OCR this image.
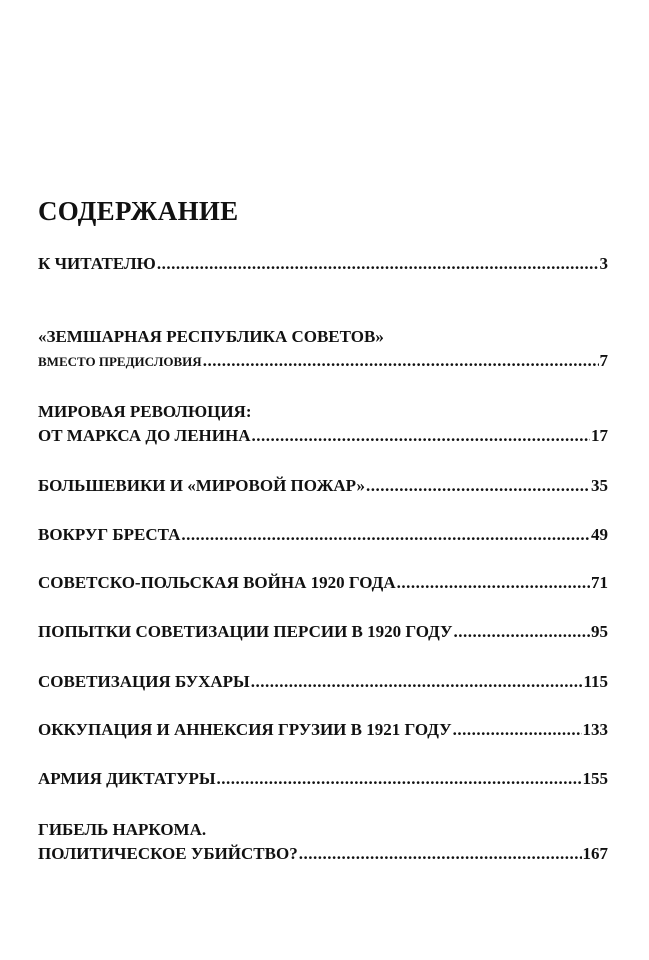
СОДЕРЖАНИЕ
К ЧИТАТЕЛЮ .....	3
«ЗЕМШАРНАЯ РЕСПУБЛИКА СОВЕТОВ»
ВМЕСТО ПРЕДИСЛОВИЯ .....	7
МИРОВАЯ РЕВОЛЮЦИЯ:
ОТ МАРКСА ДО ЛЕНИНА .....	17
БОЛЬШЕВИКИ И «МИРОВОЙ ПОЖАР» .....	35
ВОКРУГ БРЕСТА .....	49
СОВЕТСКО-ПОЛЬСКАЯ ВОЙНА 1920 ГОДА .....	71
ПОПЫТКИ СОВЕТИЗАЦИИ ПЕРСИИ В 1920 ГОДУ .....	95
СОВЕТИЗАЦИЯ БУХАРЫ .....	115
ОККУПАЦИЯ И АННЕКСИЯ ГРУЗИИ В 1921 ГОДУ .....	133
АРМИЯ ДИКТАТУРЫ .....	155
ГИБЕЛЬ НАРКОМА.
ПОЛИТИЧЕСКОЕ УБИЙСТВО? .....	167
